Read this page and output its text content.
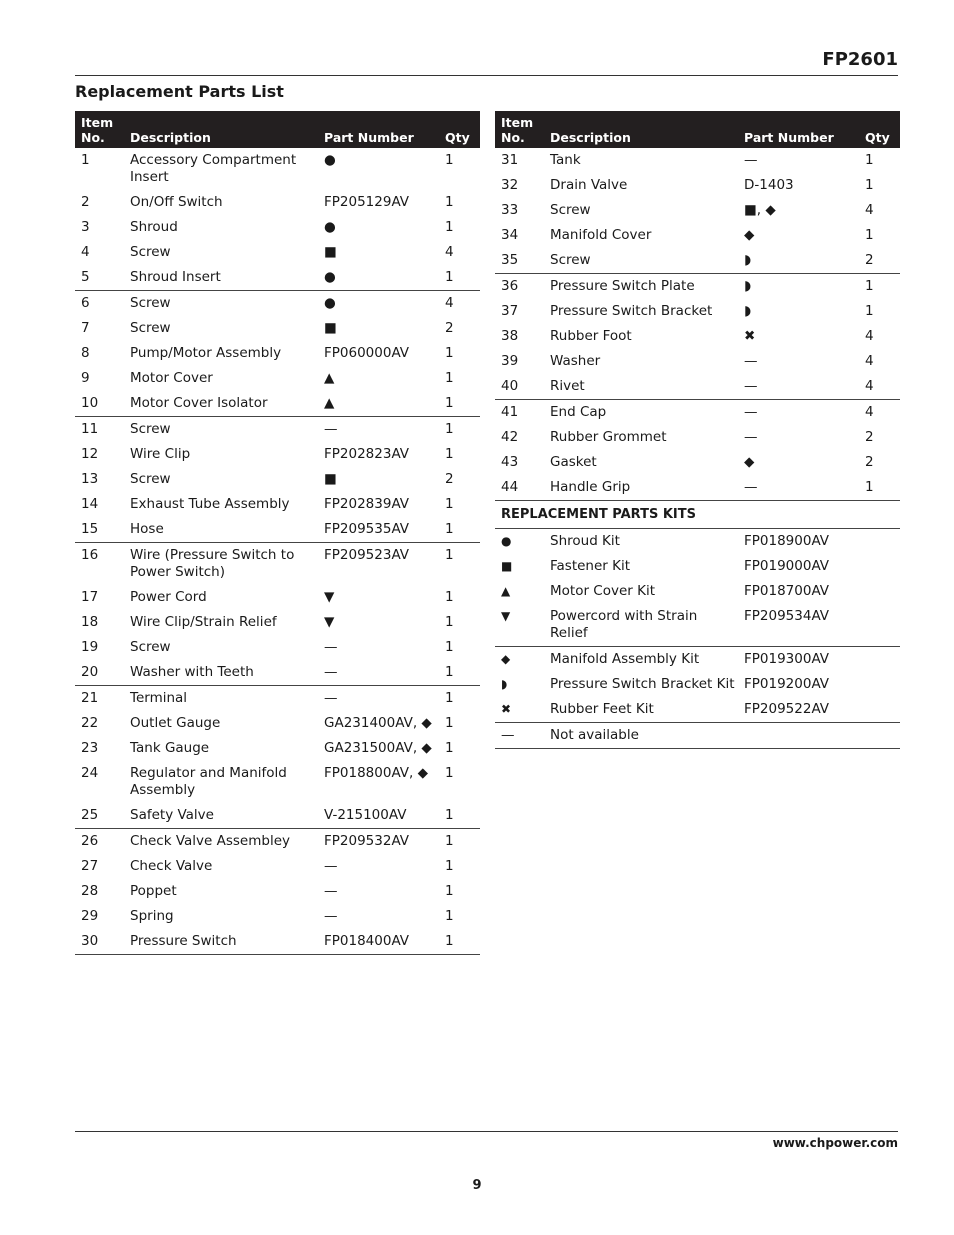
FP2601
Replacement Parts List
Item
No.	Description	Part Number	Qty
1	Accessory Compartment Insert	●	1
2	On/Off Switch	FP205129AV	1
3	Shroud	●	1
4	Screw	■	4
5	Shroud Insert	●	1
6	Screw	●	4
7	Screw	■	2
8	Pump/Motor Assembly	FP060000AV	1
9	Motor Cover	▲	1
10	Motor Cover Isolator	▲	1
11	Screw	—	1
12	Wire Clip	FP202823AV	1
13	Screw	■	2
14	Exhaust Tube Assembly	FP202839AV	1
15	Hose	FP209535AV	1
16	Wire (Pressure Switch to Power Switch)	FP209523AV	1
17	Power Cord	▼	1
18	Wire Clip/Strain Relief	▼	1
19	Screw	—	1
20	Washer with Teeth	—	1
21	Terminal	—	1
22	Outlet Gauge	GA231400AV, ◆	1
23	Tank Gauge	GA231500AV, ◆	1
24	Regulator and Manifold Assembly	FP018800AV, ◆	1
25	Safety Valve	V-215100AV	1
26	Check Valve Assembley	FP209532AV	1
27	Check Valve	—	1
28	Poppet	—	1
29	Spring	—	1
30	Pressure Switch	FP018400AV	1
Item
No.	Description	Part Number	Qty
31	Tank	—	1
32	Drain Valve	D-1403	1
33	Screw	■, ◆	4
34	Manifold Cover	◆	1
35	Screw	◗	2
36	Pressure Switch Plate	◗	1
37	Pressure Switch Bracket	◗	1
38	Rubber Foot	✖	4
39	Washer	—	4
40	Rivet	—	4
41	End Cap	—	4
42	Rubber Grommet	—	2
43	Gasket	◆	2
44	Handle Grip	—	1
REPLACEMENT PARTS KITS			
●	Shroud Kit	FP018900AV	
■	Fastener Kit	FP019000AV	
▲	Motor Cover Kit	FP018700AV	
▼	Powercord with Strain Relief	FP209534AV	
◆	Manifold Assembly Kit	FP019300AV	
◗	Pressure Switch Bracket Kit	FP019200AV	
✖	Rubber Feet Kit	FP209522AV	
—	Not available		
www.chpower.com
9
